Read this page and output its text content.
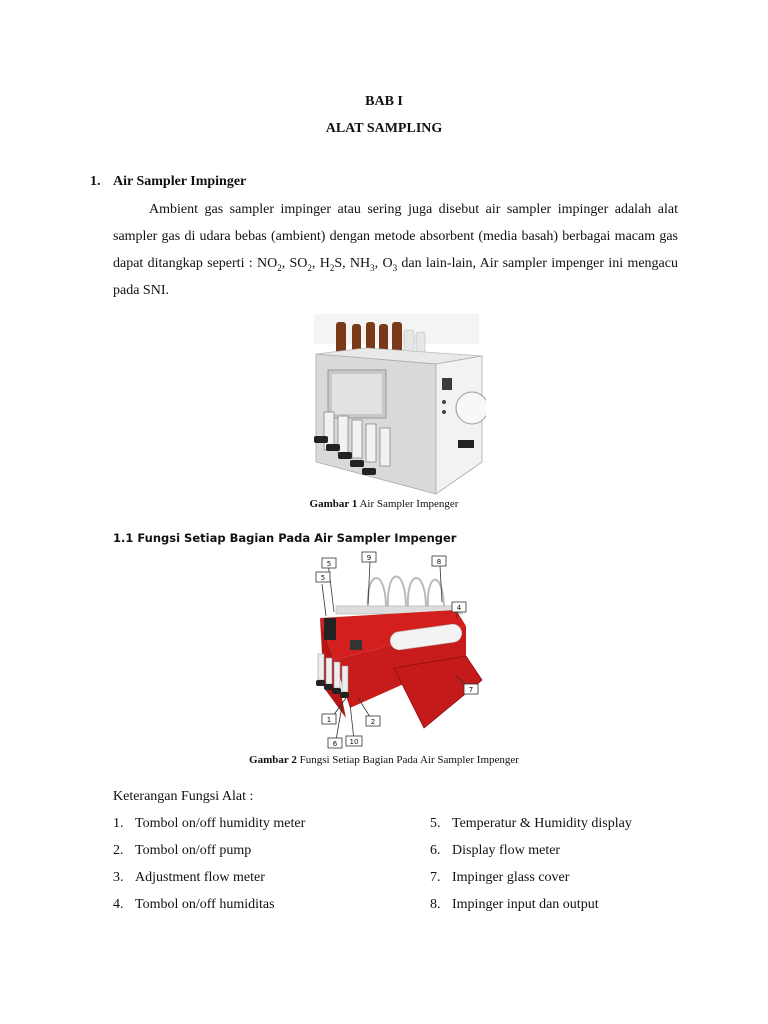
BAB I
ALAT SAMPLING
1. Air Sampler Impinger

Ambient gas sampler impinger atau sering juga disebut air sampler impinger adalah alat sampler gas di udara bebas (ambient) dengan metode absorbent (media basah) berbagai macam gas dapat ditangkap seperti : $NO_2$, $SO_2$, $H_2S$, $NH_3$, $O_3$ dan lain-lain, Air sampler impenger ini mengacu pada SNI.

Gambar 1 Air Sampler Impenger
1.1 Fungsi Setiap Bagian Pada Air Sampler Impenger
5
5
9	8
4
7
1	2
6 10
Gambar 2 Fungsi Setiap Bagian Pada Air Sampler Impenger
Keterangan Fungsi Alat :
1. Tombol on/off humidity meter
2. Tombol on/off pump
3. Adjustment flow meter
4. Tombol on/off humiditas
5. Temperatur & Humidity display
6. Display flow meter
7. Impinger glass cover
8. Impinger input dan output
